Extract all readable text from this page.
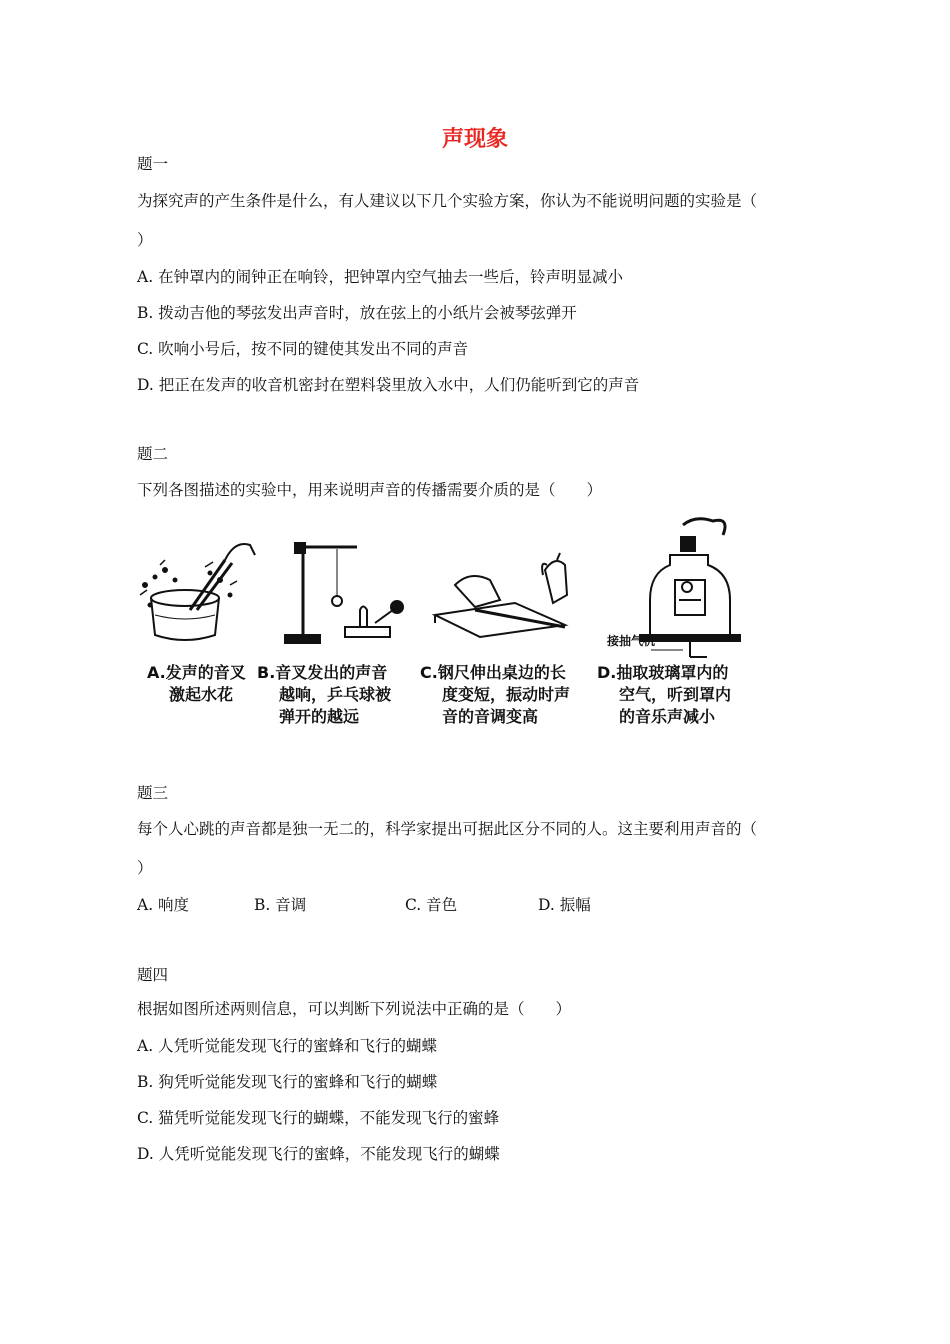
声现象
题一
为探究声的产生条件是什么，有人建议以下几个实验方案，你认为不能说明问题的实验是（
）
A. 在钟罩内的闹钟正在响铃，把钟罩内空气抽去一些后，铃声明显减小
B. 拨动吉他的琴弦发出声音时，放在弦上的小纸片会被琴弦弹开
C. 吹响小号后，按不同的键使其发出不同的声音
D. 把正在发声的收音机密封在塑料袋里放入水中，人们仍能听到它的声音
题二
下列各图描述的实验中，用来说明声音的传播需要介质的是（　　）
接抽气机
A.发声的音叉
激起水花
B.音叉发出的声音
越响，乒乓球被
弹开的越远
C.钢尺伸出桌边的长
度变短，振动时声
音的音调变高
D.抽取玻璃罩内的
空气，听到罩内
的音乐声减小
题三
每个人心跳的声音都是独一无二的，科学家提出可据此区分不同的人。这主要利用声音的（
）
A. 响度	B. 音调	C. 音色	D. 振幅
题四
根据如图所述两则信息，可以判断下列说法中正确的是（　　）
A. 人凭听觉能发现飞行的蜜蜂和飞行的蝴蝶
B. 狗凭听觉能发现飞行的蜜蜂和飞行的蝴蝶
C. 猫凭听觉能发现飞行的蝴蝶，不能发现飞行的蜜蜂
D. 人凭听觉能发现飞行的蜜蜂，不能发现飞行的蝴蝶
